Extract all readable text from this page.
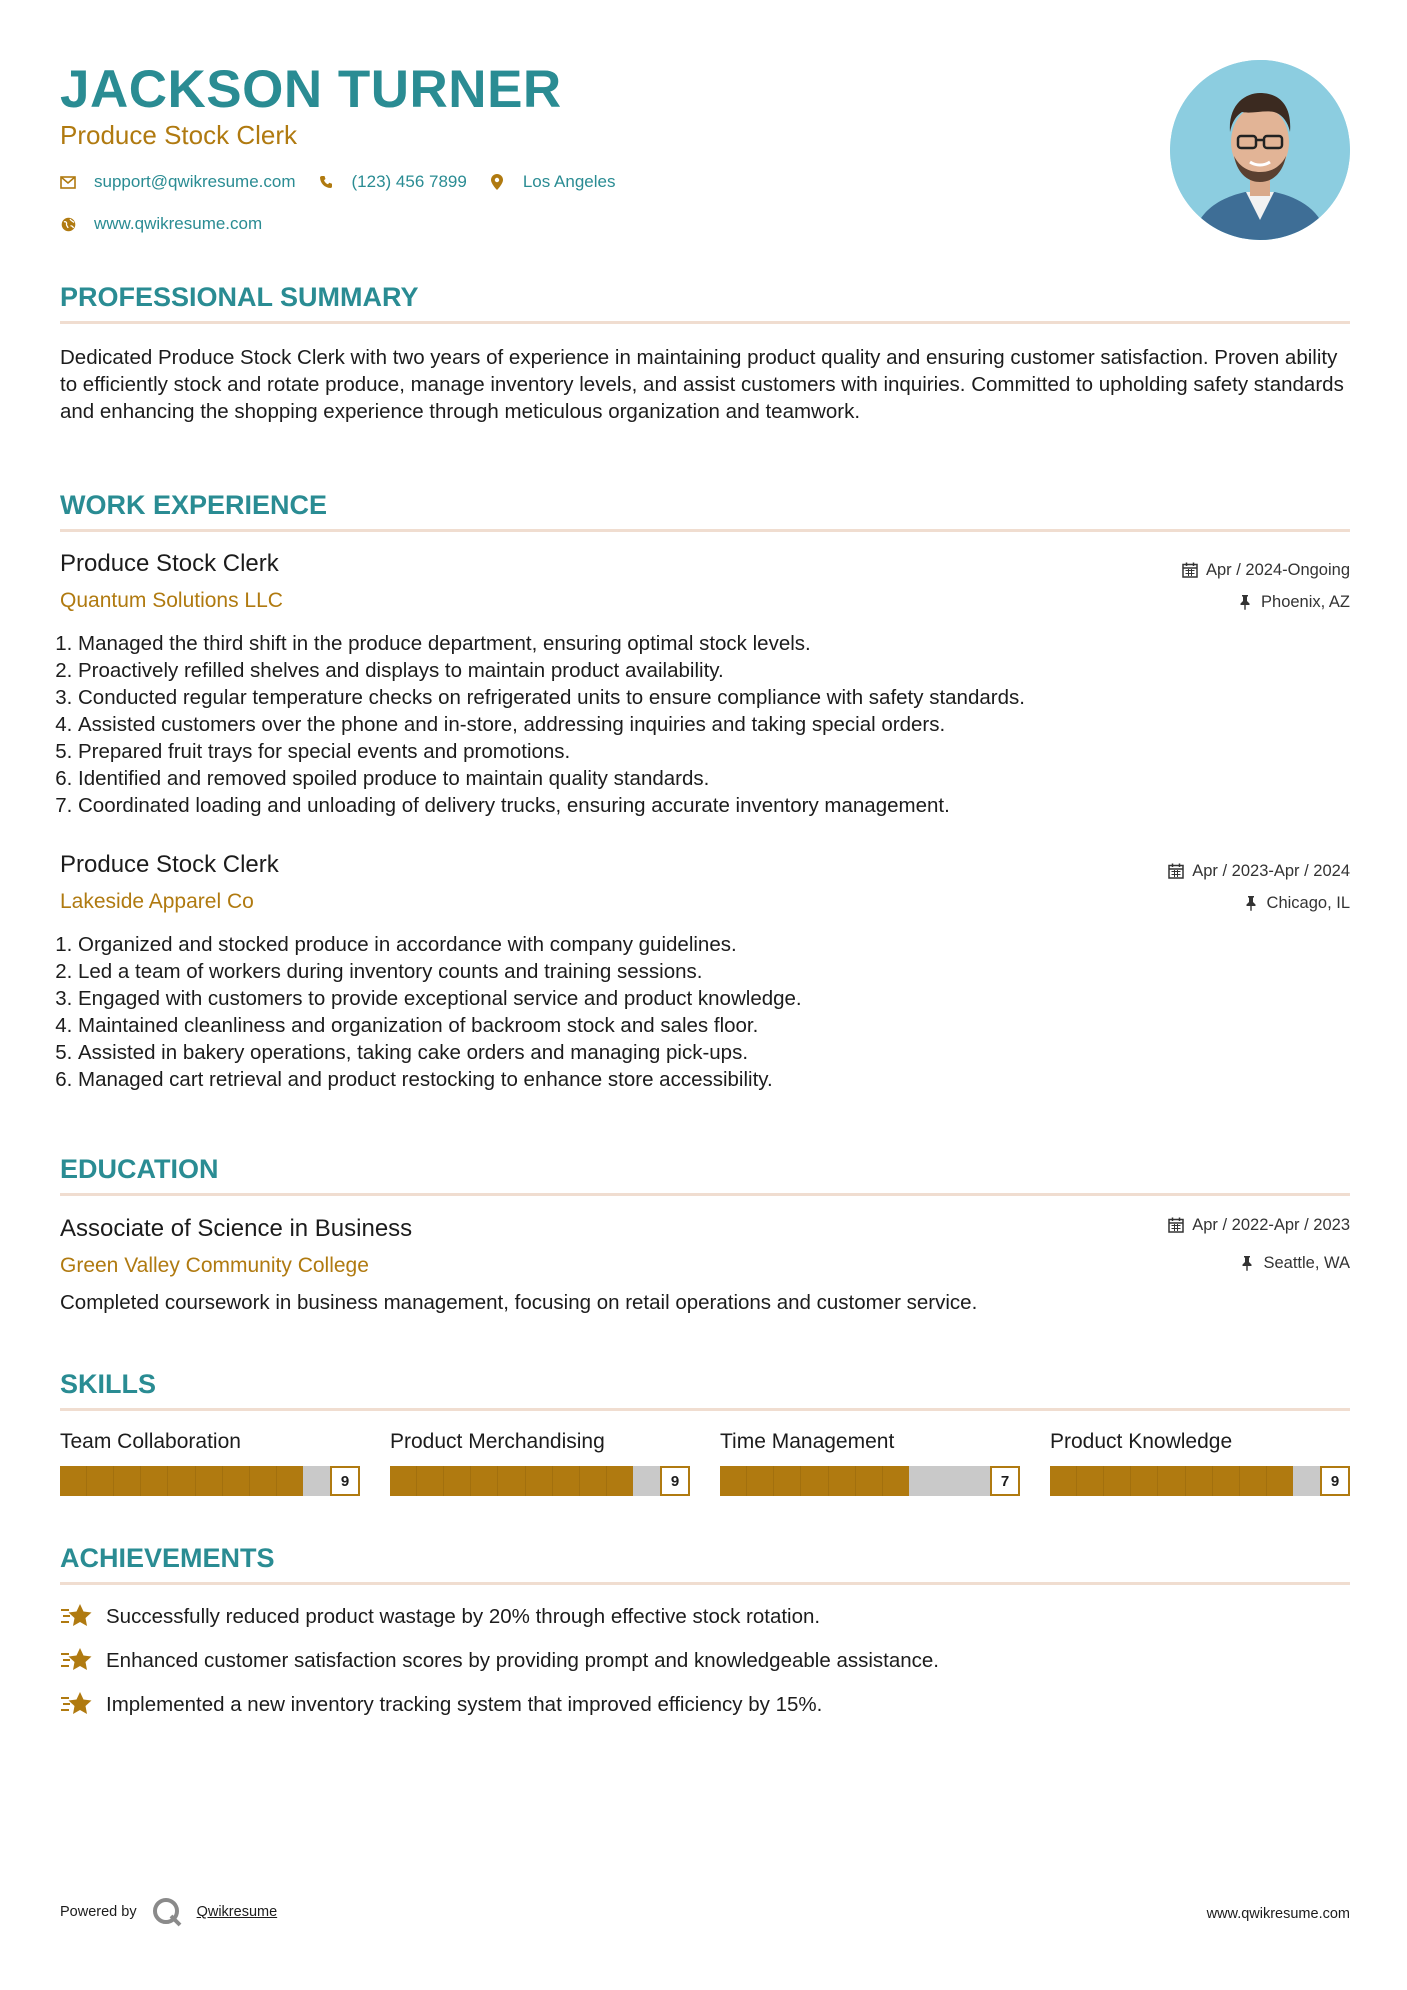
JACKSON TURNER
Produce Stock Clerk
support@qwikresume.com	(123) 456 7899	Los Angeles
www.qwikresume.com
PROFESSIONAL SUMMARY

Dedicated Produce Stock Clerk with two years of experience in maintaining product quality and ensuring customer satisfaction. Proven ability to efficiently stock and rotate produce, manage inventory levels, and assist customers with inquiries. Committed to upholding safety standards and enhancing the shopping experience through meticulous organization and teamwork.

WORK EXPERIENCE
Produce Stock Clerk
Quantum Solutions LLC
Apr / 2024-Ongoing
Phoenix, AZ
1. Managed the third shift in the produce department, ensuring optimal stock levels.
2. Proactively refilled shelves and displays to maintain product availability.
3. Conducted regular temperature checks on refrigerated units to ensure compliance with safety standards.
4. Assisted customers over the phone and in-store, addressing inquiries and taking special orders.
5. Prepared fruit trays for special events and promotions.
6. Identified and removed spoiled produce to maintain quality standards.
7. Coordinated loading and unloading of delivery trucks, ensuring accurate inventory management.
Produce Stock Clerk
Lakeside Apparel Co
Apr / 2023-Apr / 2024
Chicago, IL
1. Organized and stocked produce in accordance with company guidelines.
2. Led a team of workers during inventory counts and training sessions.
3. Engaged with customers to provide exceptional service and product knowledge.
4. Maintained cleanliness and organization of backroom stock and sales floor.
5. Assisted in bakery operations, taking cake orders and managing pick-ups.
6. Managed cart retrieval and product restocking to enhance store accessibility.
EDUCATION
Associate of Science in Business
Green Valley Community College
Apr / 2022-Apr / 2023
Seattle, WA

Completed coursework in business management, focusing on retail operations and customer service.

SKILLS
Team Collaboration
9
Product Merchandising
9
Time Management
7
Product Knowledge
9
ACHIEVEMENTS
Successfully reduced product wastage by 20% through effective stock rotation.
Enhanced customer satisfaction scores by providing prompt and knowledgeable assistance.
Implemented a new inventory tracking system that improved efficiency by 15%.
Powered by	Qwikresume	www.qwikresume.com
